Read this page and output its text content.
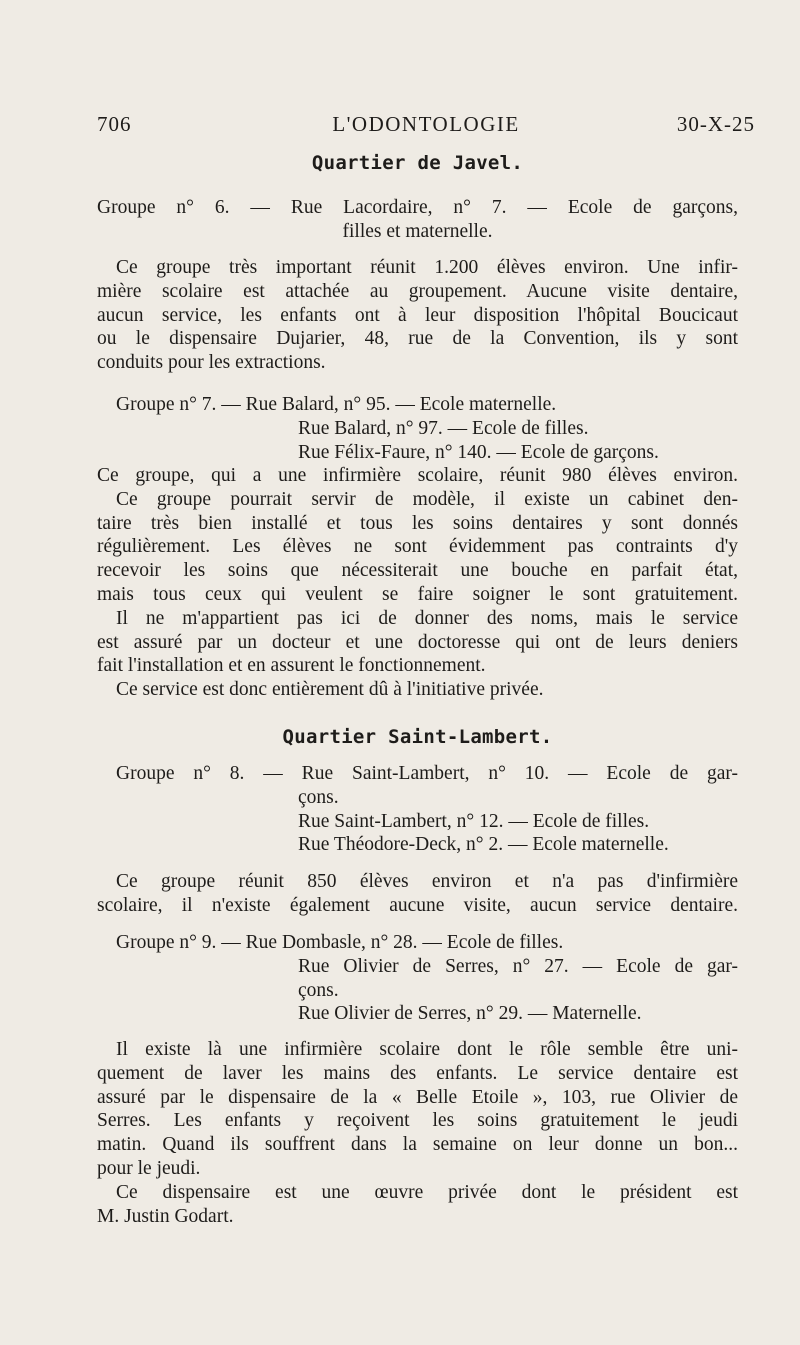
706	L'ODONTOLOGIE	30-X-25
Quartier de Javel.
Groupe n° 6. — Rue Lacordaire, n° 7. — Ecole de garçons,
filles et maternelle.
Ce groupe très important réunit 1.200 élèves environ. Une infir-
mière scolaire est attachée au groupement. Aucune visite dentaire,
aucun service, les enfants ont à leur disposition l'hôpital Boucicaut
ou le dispensaire Dujarier, 48, rue de la Convention, ils y sont
conduits pour les extractions.
Groupe n° 7. — Rue Balard, n° 95. — Ecole maternelle.
Rue Balard, n° 97. — Ecole de filles.
Rue Félix-Faure, n° 140. — Ecole de garçons.
Ce groupe, qui a une infirmière scolaire, réunit 980 élèves environ.
Ce groupe pourrait servir de modèle, il existe un cabinet den-
taire très bien installé et tous les soins dentaires y sont donnés
régulièrement. Les élèves ne sont évidemment pas contraints d'y
recevoir les soins que nécessiterait une bouche en parfait état,
mais tous ceux qui veulent se faire soigner le sont gratuitement.
Il ne m'appartient pas ici de donner des noms, mais le service
est assuré par un docteur et une doctoresse qui ont de leurs deniers
fait l'installation et en assurent le fonctionnement.
Ce service est donc entièrement dû à l'initiative privée.
Quartier Saint-Lambert.
Groupe n° 8. — Rue Saint-Lambert, n° 10. — Ecole de gar-
çons.
Rue Saint-Lambert, n° 12. — Ecole de filles.
Rue Théodore-Deck, n° 2. — Ecole maternelle.
Ce groupe réunit 850 élèves environ et n'a pas d'infirmière
scolaire, il n'existe également aucune visite, aucun service dentaire.
Groupe n° 9. — Rue Dombasle, n° 28. — Ecole de filles.
Rue Olivier de Serres, n° 27. — Ecole de gar-
çons.
Rue Olivier de Serres, n° 29. — Maternelle.
Il existe là une infirmière scolaire dont le rôle semble être uni-
quement de laver les mains des enfants. Le service dentaire est
assuré par le dispensaire de la « Belle Etoile », 103, rue Olivier de
Serres. Les enfants y reçoivent les soins gratuitement le jeudi
matin. Quand ils souffrent dans la semaine on leur donne un bon...
pour le jeudi.
Ce dispensaire est une œuvre privée dont le président est
M. Justin Godart.
